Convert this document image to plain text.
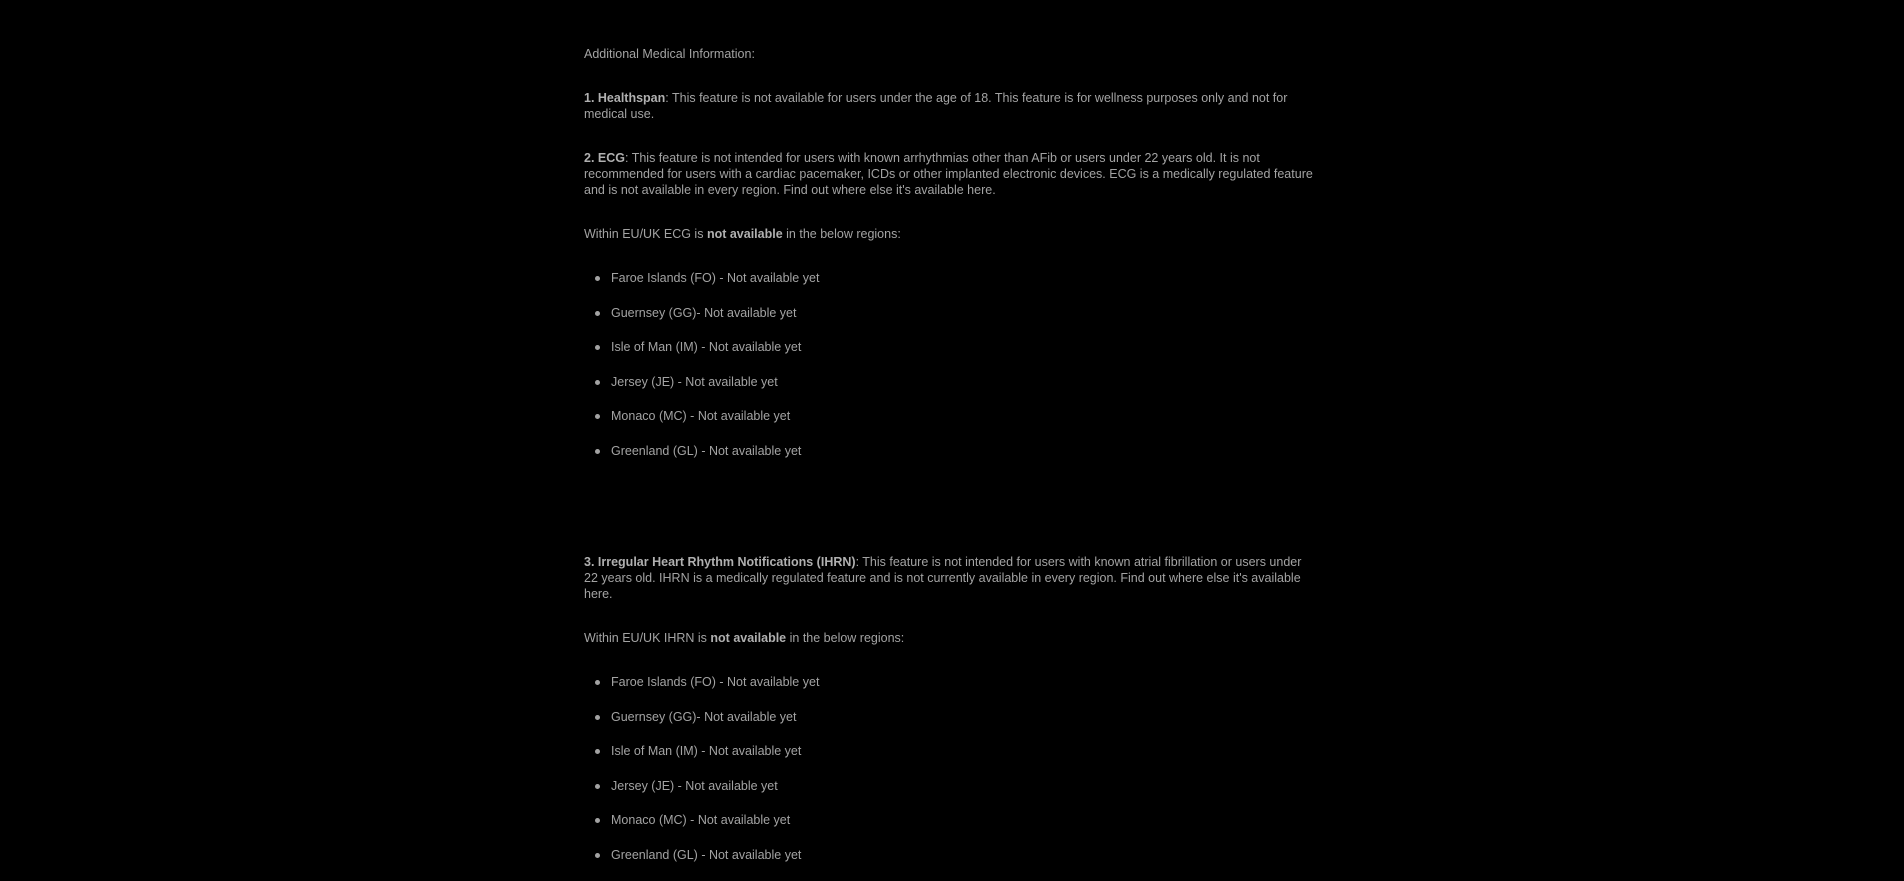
Additional Medical Information:

1. Healthspan: This feature is not available for users under the age of 18. This feature is for wellness purposes only and not for medical use.

2. ECG: This feature is not intended for users with known arrhythmias other than AFib or users under 22 years old. It is not recommended for users with a cardiac pacemaker, ICDs or other implanted electronic devices. ECG is a medically regulated feature and is not available in every region. Find out where else it's available here.

Within EU/UK ECG is not available in the below regions:

Faroe Islands (FO) - Not available yet
Guernsey (GG)- Not available yet
Isle of Man (IM) - Not available yet
Jersey (JE) - Not available yet
Monaco (MC) - Not available yet
Greenland (GL) - Not available yet

3. Irregular Heart Rhythm Notifications (IHRN): This feature is not intended for users with known atrial fibrillation or users under 22 years old. IHRN is a medically regulated feature and is not currently available in every region. Find out where else it's available here.

Within EU/UK IHRN is not available in the below regions:

Faroe Islands (FO) - Not available yet
Guernsey (GG)- Not available yet
Isle of Man (IM) - Not available yet
Jersey (JE) - Not available yet
Monaco (MC) - Not available yet
Greenland (GL) - Not available yet
